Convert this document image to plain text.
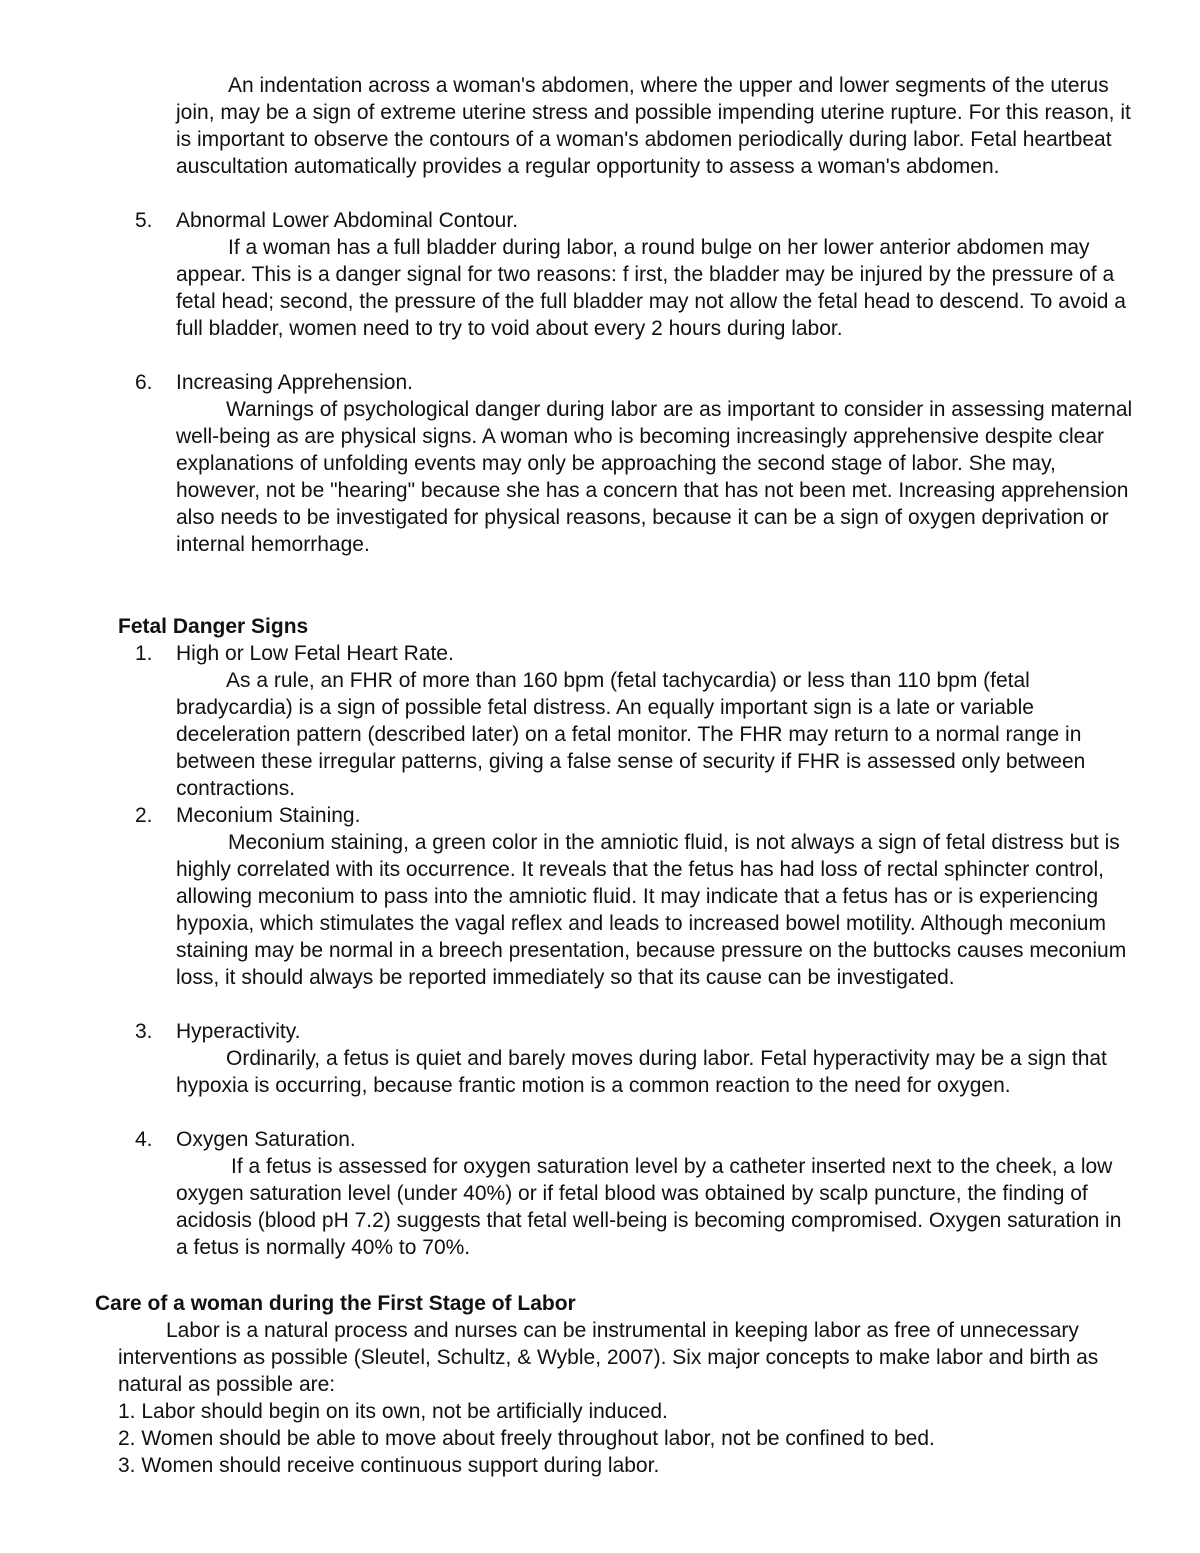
An indentation across a woman's abdomen, where the upper and lower segments of the uterus join, may be a sign of extreme uterine stress and possible impending uterine rupture. For this reason, it is important to observe the contours of a woman's abdomen periodically during labor. Fetal heartbeat auscultation automatically provides a regular opportunity to assess a woman's abdomen.

5. Abnormal Lower Abdominal Contour.

If a woman has a full bladder during labor, a round bulge on her lower anterior abdomen may appear. This is a danger signal for two reasons: f irst, the bladder may be injured by the pressure of a fetal head; second, the pressure of the full bladder may not allow the fetal head to descend. To avoid a full bladder, women need to try to void about every 2 hours during labor.

6. Increasing Apprehension.

Warnings of psychological danger during labor are as important to consider in assessing maternal well-being as are physical signs. A woman who is becoming increasingly apprehensive despite clear explanations of unfolding events may only be approaching the second stage of labor. She may, however, not be "hearing" because she has a concern that has not been met. Increasing apprehension also needs to be investigated for physical reasons, because it can be a sign of oxygen deprivation or internal hemorrhage.

Fetal Danger Signs
1. High or Low Fetal Heart Rate.

As a rule, an FHR of more than 160 bpm (fetal tachycardia) or less than 110 bpm (fetal bradycardia) is a sign of possible fetal distress. An equally important sign is a late or variable deceleration pattern (described later) on a fetal monitor. The FHR may return to a normal range in between these irregular patterns, giving a false sense of security if FHR is assessed only between contractions.

2. Meconium Staining.

Meconium staining, a green color in the amniotic fluid, is not always a sign of fetal distress but is highly correlated with its occurrence. It reveals that the fetus has had loss of rectal sphincter control, allowing meconium to pass into the amniotic fluid. It may indicate that a fetus has or is experiencing hypoxia, which stimulates the vagal reflex and leads to increased bowel motility. Although meconium staining may be normal in a breech presentation, because pressure on the buttocks causes meconium loss, it should always be reported immediately so that its cause can be investigated.

3. Hyperactivity.

Ordinarily, a fetus is quiet and barely moves during labor. Fetal hyperactivity may be a sign that hypoxia is occurring, because frantic motion is a common reaction to the need for oxygen.

4. Oxygen Saturation.

If a fetus is assessed for oxygen saturation level by a catheter inserted next to the cheek, a low oxygen saturation level (under 40%) or if fetal blood was obtained by scalp puncture, the finding of acidosis (blood pH 7.2) suggests that fetal well-being is becoming compromised. Oxygen saturation in a fetus is normally 40% to 70%.

Care of a woman during the First Stage of Labor

Labor is a natural process and nurses can be instrumental in keeping labor as free of unnecessary interventions as possible (Sleutel, Schultz, & Wyble, 2007). Six major concepts to make labor and birth as natural as possible are:

1. Labor should begin on its own, not be artificially induced.
2. Women should be able to move about freely throughout labor, not be confined to bed.
3. Women should receive continuous support during labor.
